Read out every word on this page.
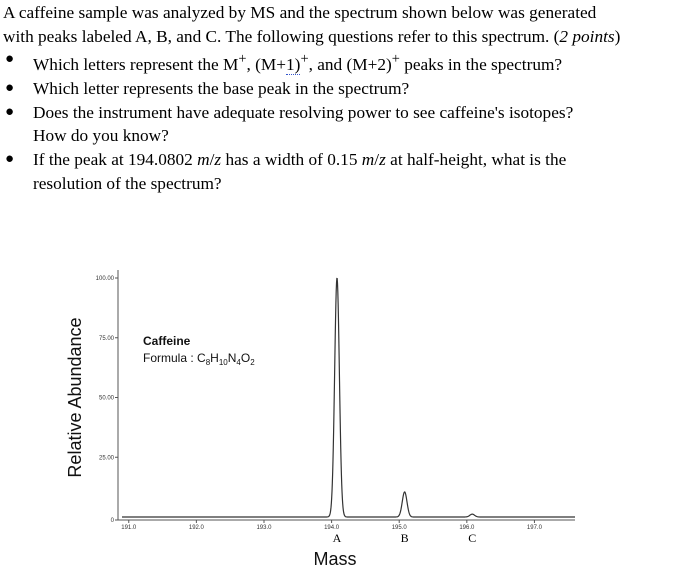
A caffeine sample was analyzed by MS and the spectrum shown below was generated
with peaks labeled A, B, and C. The following questions refer to this spectrum. (2 points)

● Which letters represent the M+, (M+1)+, and (M+2)+ peaks in the spectrum?
● Which letter represents the base peak in the spectrum?
● Does the instrument have adequate resolving power to see caffeine's isotopes?
How do you know?
● If the peak at 194.0802 m/z has a width of 0.15 m/z at half-height, what is the
resolution of the spectrum?
Relative Abundance
Mass
Caffeine
Formula : $C_8H_{10}N_4O_2$
0
25.00
50.00
75.00
100.00
191.0	192.0	193.0	194.0	195.0	196.0	197.0
A	B	C
